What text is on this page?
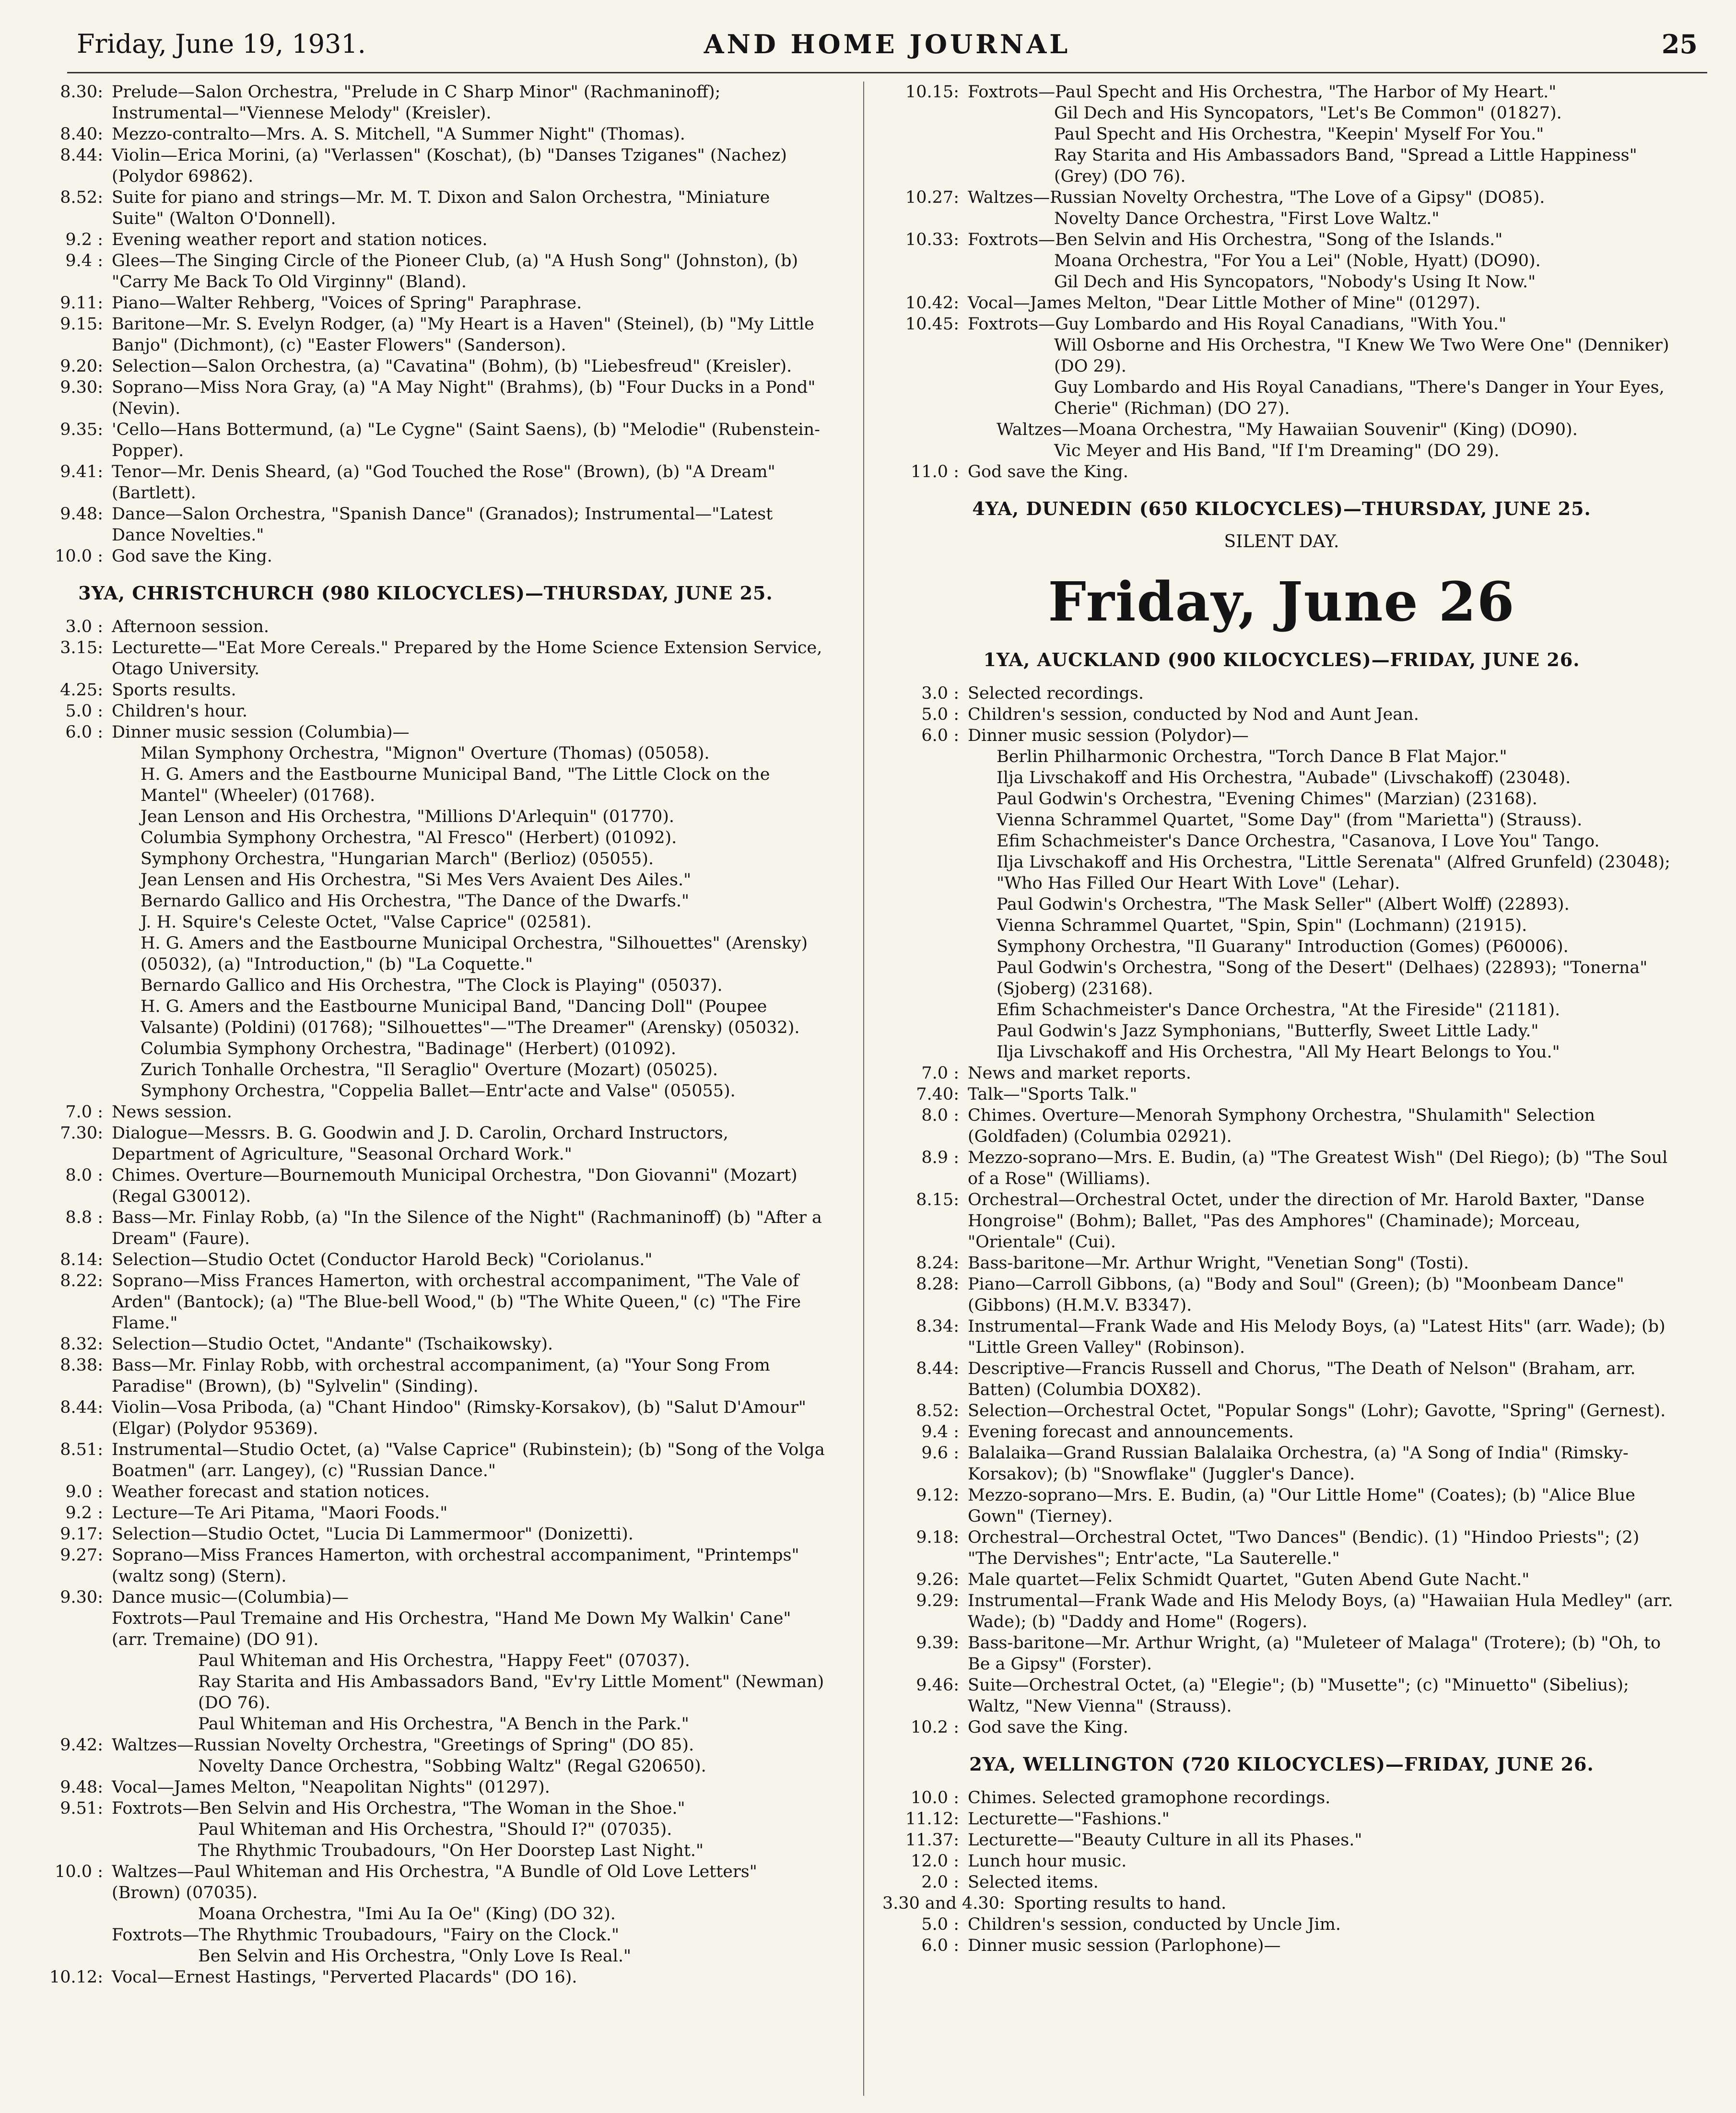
Friday, June 19, 1931.	AND HOME JOURNAL	25
8.30: Prelude—Salon Orchestra, "Prelude in C Sharp Minor" (Rachmaninoff); Instrumental—"Viennese Melody" (Kreisler).
8.40: Mezzo-contralto—Mrs. A. S. Mitchell, "A Summer Night" (Thomas).
8.44: Violin—Erica Morini, (a) "Verlassen" (Koschat), (b) "Danses Tziganes" (Nachez) (Polydor 69862).
8.52: Suite for piano and strings—Mr. M. T. Dixon and Salon Orchestra, "Miniature Suite" (Walton O'Donnell).
9.2 : Evening weather report and station notices.
9.4 : Glees—The Singing Circle of the Pioneer Club, (a) "A Hush Song" (Johnston), (b) "Carry Me Back To Old Virginny" (Bland).
9.11: Piano—Walter Rehberg, "Voices of Spring" Paraphrase.
9.15: Baritone—Mr. S. Evelyn Rodger, (a) "My Heart is a Haven" (Steinel), (b) "My Little Banjo" (Dichmont), (c) "Easter Flowers" (Sanderson).
9.20: Selection—Salon Orchestra, (a) "Cavatina" (Bohm), (b) "Liebesfreud" (Kreisler).
9.30: Soprano—Miss Nora Gray, (a) "A May Night" (Brahms), (b) "Four Ducks in a Pond" (Nevin).
9.35: 'Cello—Hans Bottermund, (a) "Le Cygne" (Saint Saens), (b) "Melodie" (Rubenstein-Popper).
9.41: Tenor—Mr. Denis Sheard, (a) "God Touched the Rose" (Brown), (b) "A Dream" (Bartlett).
9.48: Dance—Salon Orchestra, "Spanish Dance" (Granados); Instrumental—"Latest Dance Novelties."
10.0 : God save the King.
3YA, CHRISTCHURCH (980 KILOCYCLES)—THURSDAY, JUNE 25.
3.0 : Afternoon session.
3.15: Lecturette—"Eat More Cereals." Prepared by the Home Science Extension Service, Otago University.
4.25: Sports results.
5.0 : Children's hour.
6.0 : Dinner music session (Columbia)—
Milan Symphony Orchestra, "Mignon" Overture (Thomas) (05058).
H. G. Amers and the Eastbourne Municipal Band, "The Little Clock on the Mantel" (Wheeler) (01768).
Jean Lenson and His Orchestra, "Millions D'Arlequin" (01770).
Columbia Symphony Orchestra, "Al Fresco" (Herbert) (01092).
Symphony Orchestra, "Hungarian March" (Berlioz) (05055).
Jean Lensen and His Orchestra, "Si Mes Vers Avaient Des Ailes."
Bernardo Gallico and His Orchestra, "The Dance of the Dwarfs."
J. H. Squire's Celeste Octet, "Valse Caprice" (02581).
H. G. Amers and the Eastbourne Municipal Orchestra, "Silhouettes" (Arensky) (05032), (a) "Introduction," (b) "La Coquette."
Bernardo Gallico and His Orchestra, "The Clock is Playing" (05037).
H. G. Amers and the Eastbourne Municipal Band, "Dancing Doll" (Poupee Valsante) (Poldini) (01768); "Silhouettes"—"The Dreamer" (Arensky) (05032).
Columbia Symphony Orchestra, "Badinage" (Herbert) (01092).
Zurich Tonhalle Orchestra, "Il Seraglio" Overture (Mozart) (05025).
Symphony Orchestra, "Coppelia Ballet—Entr'acte and Valse" (05055).
7.0 : News session.
7.30: Dialogue—Messrs. B. G. Goodwin and J. D. Carolin, Orchard Instructors, Department of Agriculture, "Seasonal Orchard Work."
8.0 : Chimes. Overture—Bournemouth Municipal Orchestra, "Don Giovanni" (Mozart) (Regal G30012).
8.8 : Bass—Mr. Finlay Robb, (a) "In the Silence of the Night" (Rachmaninoff) (b) "After a Dream" (Faure).
8.14: Selection—Studio Octet (Conductor Harold Beck) "Coriolanus."
8.22: Soprano—Miss Frances Hamerton, with orchestral accompaniment, "The Vale of Arden" (Bantock); (a) "The Blue-bell Wood," (b) "The White Queen," (c) "The Fire Flame."
8.32: Selection—Studio Octet, "Andante" (Tschaikowsky).
8.38: Bass—Mr. Finlay Robb, with orchestral accompaniment, (a) "Your Song From Paradise" (Brown), (b) "Sylvelin" (Sinding).
8.44: Violin—Vosa Priboda, (a) "Chant Hindoo" (Rimsky-Korsakov), (b) "Salut D'Amour" (Elgar) (Polydor 95369).
8.51: Instrumental—Studio Octet, (a) "Valse Caprice" (Rubinstein); (b) "Song of the Volga Boatmen" (arr. Langey), (c) "Russian Dance."
9.0 : Weather forecast and station notices.
9.2 : Lecture—Te Ari Pitama, "Maori Foods."
9.17: Selection—Studio Octet, "Lucia Di Lammermoor" (Donizetti).
9.27: Soprano—Miss Frances Hamerton, with orchestral accompaniment, "Printemps" (waltz song) (Stern).
9.30: Dance music—(Columbia)—
Foxtrots—Paul Tremaine and His Orchestra, "Hand Me Down My Walkin' Cane" (arr. Tremaine) (DO 91).
Paul Whiteman and His Orchestra, "Happy Feet" (07037).
Ray Starita and His Ambassadors Band, "Ev'ry Little Moment" (Newman) (DO 76).
Paul Whiteman and His Orchestra, "A Bench in the Park."
9.42: Waltzes—Russian Novelty Orchestra, "Greetings of Spring" (DO 85).
Novelty Dance Orchestra, "Sobbing Waltz" (Regal G20650).
9.48: Vocal—James Melton, "Neapolitan Nights" (01297).
9.51: Foxtrots—Ben Selvin and His Orchestra, "The Woman in the Shoe."
Paul Whiteman and His Orchestra, "Should I?" (07035).
The Rhythmic Troubadours, "On Her Doorstep Last Night."
10.0 : Waltzes—Paul Whiteman and His Orchestra, "A Bundle of Old Love Letters" (Brown) (07035).
Moana Orchestra, "Imi Au Ia Oe" (King) (DO 32).
Foxtrots—The Rhythmic Troubadours, "Fairy on the Clock."
Ben Selvin and His Orchestra, "Only Love Is Real."
10.12: Vocal—Ernest Hastings, "Perverted Placards" (DO 16).
10.15: Foxtrots—Paul Specht and His Orchestra, "The Harbor of My Heart."
Gil Dech and His Syncopators, "Let's Be Common" (01827).
Paul Specht and His Orchestra, "Keepin' Myself For You."
Ray Starita and His Ambassadors Band, "Spread a Little Happiness" (Grey) (DO 76).
10.27: Waltzes—Russian Novelty Orchestra, "The Love of a Gipsy" (DO85).
Novelty Dance Orchestra, "First Love Waltz."
10.33: Foxtrots—Ben Selvin and His Orchestra, "Song of the Islands."
Moana Orchestra, "For You a Lei" (Noble, Hyatt) (DO90).
Gil Dech and His Syncopators, "Nobody's Using It Now."
10.42: Vocal—James Melton, "Dear Little Mother of Mine" (01297).
10.45: Foxtrots—Guy Lombardo and His Royal Canadians, "With You."
Will Osborne and His Orchestra, "I Knew We Two Were One" (Denniker) (DO 29).
Guy Lombardo and His Royal Canadians, "There's Danger in Your Eyes, Cherie" (Richman) (DO 27).
Waltzes—Moana Orchestra, "My Hawaiian Souvenir" (King) (DO90).
Vic Meyer and His Band, "If I'm Dreaming" (DO 29).
11.0 : God save the King.
4YA, DUNEDIN (650 KILOCYCLES)—THURSDAY, JUNE 25.
SILENT DAY.
Friday, June 26
1YA, AUCKLAND (900 KILOCYCLES)—FRIDAY, JUNE 26.
3.0 : Selected recordings.
5.0 : Children's session, conducted by Nod and Aunt Jean.
6.0 : Dinner music session (Polydor)—
Berlin Philharmonic Orchestra, "Torch Dance B Flat Major."
Ilja Livschakoff and His Orchestra, "Aubade" (Livschakoff) (23048).
Paul Godwin's Orchestra, "Evening Chimes" (Marzian) (23168).
Vienna Schrammel Quartet, "Some Day" (from "Marietta") (Strauss).
Efim Schachmeister's Dance Orchestra, "Casanova, I Love You" Tango.
Ilja Livschakoff and His Orchestra, "Little Serenata" (Alfred Grunfeld) (23048); "Who Has Filled Our Heart With Love" (Lehar).
Paul Godwin's Orchestra, "The Mask Seller" (Albert Wolff) (22893).
Vienna Schrammel Quartet, "Spin, Spin" (Lochmann) (21915).
Symphony Orchestra, "Il Guarany" Introduction (Gomes) (P60006).
Paul Godwin's Orchestra, "Song of the Desert" (Delhaes) (22893); "Tonerna" (Sjoberg) (23168).
Efim Schachmeister's Dance Orchestra, "At the Fireside" (21181).
Paul Godwin's Jazz Symphonians, "Butterfly, Sweet Little Lady."
Ilja Livschakoff and His Orchestra, "All My Heart Belongs to You."
7.0 : News and market reports.
7.40: Talk—"Sports Talk."
8.0 : Chimes. Overture—Menorah Symphony Orchestra, "Shulamith" Selection (Goldfaden) (Columbia 02921).
8.9 : Mezzo-soprano—Mrs. E. Budin, (a) "The Greatest Wish" (Del Riego); (b) "The Soul of a Rose" (Williams).
8.15: Orchestral—Orchestral Octet, under the direction of Mr. Harold Baxter, "Danse Hongroise" (Bohm); Ballet, "Pas des Amphores" (Chaminade); Morceau, "Orientale" (Cui).
8.24: Bass-baritone—Mr. Arthur Wright, "Venetian Song" (Tosti).
8.28: Piano—Carroll Gibbons, (a) "Body and Soul" (Green); (b) "Moonbeam Dance" (Gibbons) (H.M.V. B3347).
8.34: Instrumental—Frank Wade and His Melody Boys, (a) "Latest Hits" (arr. Wade); (b) "Little Green Valley" (Robinson).
8.44: Descriptive—Francis Russell and Chorus, "The Death of Nelson" (Braham, arr. Batten) (Columbia DOX82).
8.52: Selection—Orchestral Octet, "Popular Songs" (Lohr); Gavotte, "Spring" (Gernest).
9.4 : Evening forecast and announcements.
9.6 : Balalaika—Grand Russian Balalaika Orchestra, (a) "A Song of India" (Rimsky-Korsakov); (b) "Snowflake" (Juggler's Dance).
9.12: Mezzo-soprano—Mrs. E. Budin, (a) "Our Little Home" (Coates); (b) "Alice Blue Gown" (Tierney).
9.18: Orchestral—Orchestral Octet, "Two Dances" (Bendic). (1) "Hindoo Priests"; (2) "The Dervishes"; Entr'acte, "La Sauterelle."
9.26: Male quartet—Felix Schmidt Quartet, "Guten Abend Gute Nacht."
9.29: Instrumental—Frank Wade and His Melody Boys, (a) "Hawaiian Hula Medley" (arr. Wade); (b) "Daddy and Home" (Rogers).
9.39: Bass-baritone—Mr. Arthur Wright, (a) "Muleteer of Malaga" (Trotere); (b) "Oh, to Be a Gipsy" (Forster).
9.46: Suite—Orchestral Octet, (a) "Elegie"; (b) "Musette"; (c) "Minuetto" (Sibelius); Waltz, "New Vienna" (Strauss).
10.2 : God save the King.
2YA, WELLINGTON (720 KILOCYCLES)—FRIDAY, JUNE 26.
10.0 : Chimes. Selected gramophone recordings.
11.12: Lecturette—"Fashions."
11.37: Lecturette—"Beauty Culture in all its Phases."
12.0 : Lunch hour music.
2.0 : Selected items.
3.30 and 4.30: Sporting results to hand.
5.0 : Children's session, conducted by Uncle Jim.
6.0 : Dinner music session (Parlophone)—
